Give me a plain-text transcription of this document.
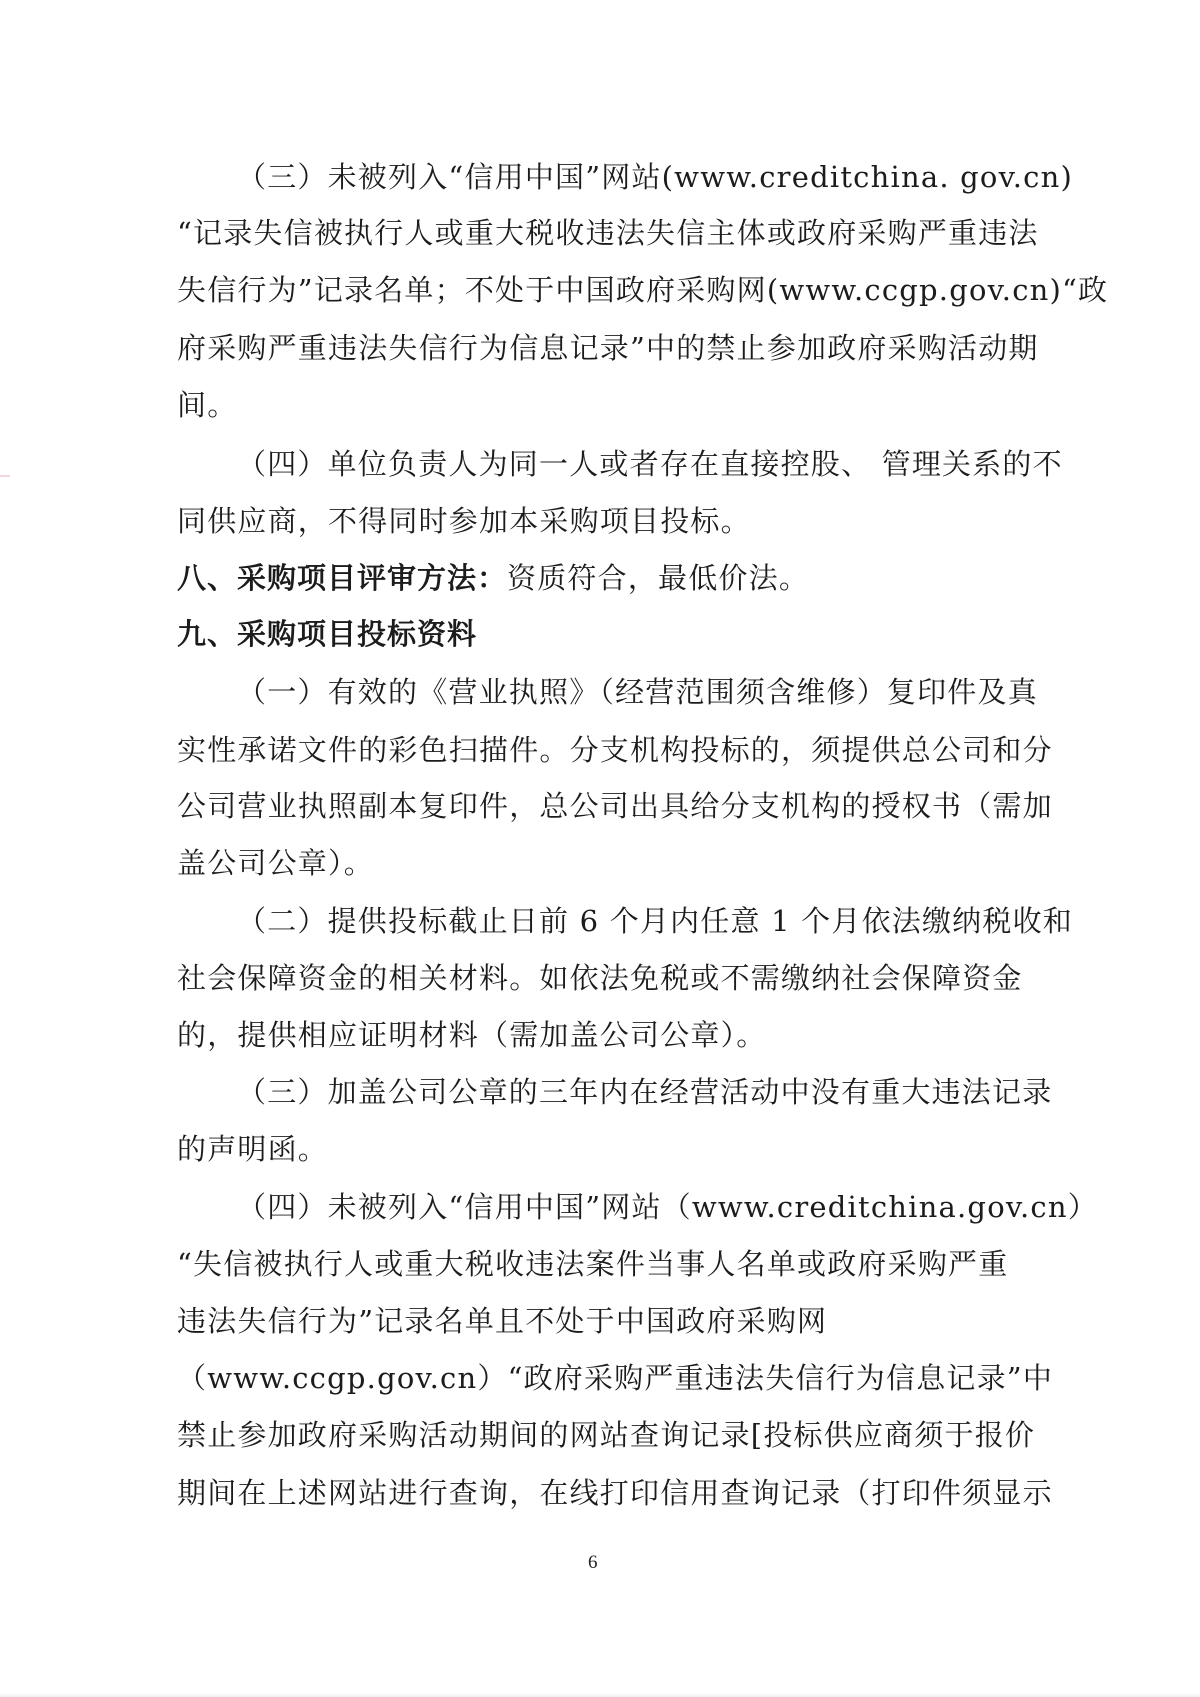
（三）未被列入“信用中国”网站(www.creditchina. gov.cn)
“记录失信被执行人或重大税收违法失信主体或政府采购严重违法
失信行为”记录名单；不处于中国政府采购网(www.ccgp.gov.cn)“政
府采购严重违法失信行为信息记录”中的禁止参加政府采购活动期
间。
（四）单位负责人为同一人或者存在直接控股、 管理关系的不
同供应商，不得同时参加本采购项目投标。
八、采购项目评审方法：资质符合，最低价法。
九、采购项目投标资料
（一）有效的《营业执照》（经营范围须含维修）复印件及真
实性承诺文件的彩色扫描件。分支机构投标的，须提供总公司和分
公司营业执照副本复印件，总公司出具给分支机构的授权书（需加
盖公司公章）。
（二）提供投标截止日前 6 个月内任意 1 个月依法缴纳税收和
社会保障资金的相关材料。如依法免税或不需缴纳社会保障资金
的，提供相应证明材料（需加盖公司公章）。
（三）加盖公司公章的三年内在经营活动中没有重大违法记录
的声明函。
（四）未被列入“信用中国”网站（www.creditchina.gov.cn）
“失信被执行人或重大税收违法案件当事人名单或政府采购严重
违法失信行为”记录名单且不处于中国政府采购网
（www.ccgp.gov.cn）“政府采购严重违法失信行为信息记录”中
禁止参加政府采购活动期间的网站查询记录[投标供应商须于报价
期间在上述网站进行查询，在线打印信用查询记录（打印件须显示
6
